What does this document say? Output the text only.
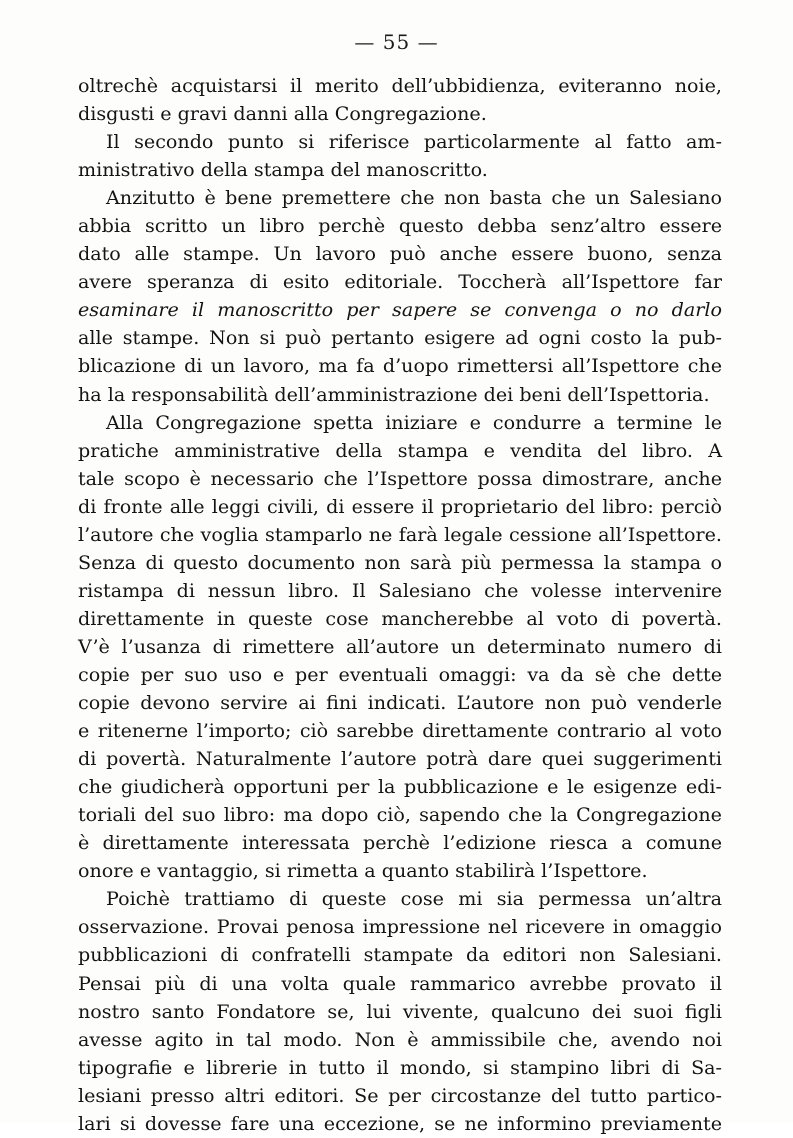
— 55 —
oltrechè acquistarsi il merito dell’ubbidienza, eviteranno noie,
disgusti e gravi danni alla Congregazione.
Il secondo punto si riferisce particolarmente al fatto am-
ministrativo della stampa del manoscritto.
Anzitutto è bene premettere che non basta che un Salesiano
abbia scritto un libro perchè questo debba senz’altro essere
dato alle stampe. Un lavoro può anche essere buono, senza
avere speranza di esito editoriale. Toccherà all’Ispettore far
esaminare il manoscritto per sapere se convenga o no darlo
alle stampe. Non si può pertanto esigere ad ogni costo la pub-
blicazione di un lavoro, ma fa d’uopo rimettersi all’Ispettore che
ha la responsabilità dell’amministrazione dei beni dell’Ispettoria.
Alla Congregazione spetta iniziare e condurre a termine le
pratiche amministrative della stampa e vendita del libro. A
tale scopo è necessario che l’Ispettore possa dimostrare, anche
di fronte alle leggi civili, di essere il proprietario del libro: perciò
l’autore che voglia stamparlo ne farà legale cessione all’Ispettore.
Senza di questo documento non sarà più permessa la stampa o
ristampa di nessun libro. Il Salesiano che volesse intervenire
direttamente in queste cose mancherebbe al voto di povertà.
V’è l’usanza di rimettere all’autore un determinato numero di
copie per suo uso e per eventuali omaggi: va da sè che dette
copie devono servire ai fini indicati. L’autore non può venderle
e ritenerne l’importo; ciò sarebbe direttamente contrario al voto
di povertà. Naturalmente l’autore potrà dare quei suggerimenti
che giudicherà opportuni per la pubblicazione e le esigenze edi-
toriali del suo libro: ma dopo ciò, sapendo che la Congregazione
è direttamente interessata perchè l’edizione riesca a comune
onore e vantaggio, si rimetta a quanto stabilirà l’Ispettore.
Poichè trattiamo di queste cose mi sia permessa un’altra
osservazione. Provai penosa impressione nel ricevere in omaggio
pubblicazioni di confratelli stampate da editori non Salesiani.
Pensai più di una volta quale rammarico avrebbe provato il
nostro santo Fondatore se, lui vivente, qualcuno dei suoi figli
avesse agito in tal modo. Non è ammissibile che, avendo noi
tipografie e librerie in tutto il mondo, si stampino libri di Sa-
lesiani presso altri editori. Se per circostanze del tutto partico-
lari si dovesse fare una eccezione, se ne informino previamente
